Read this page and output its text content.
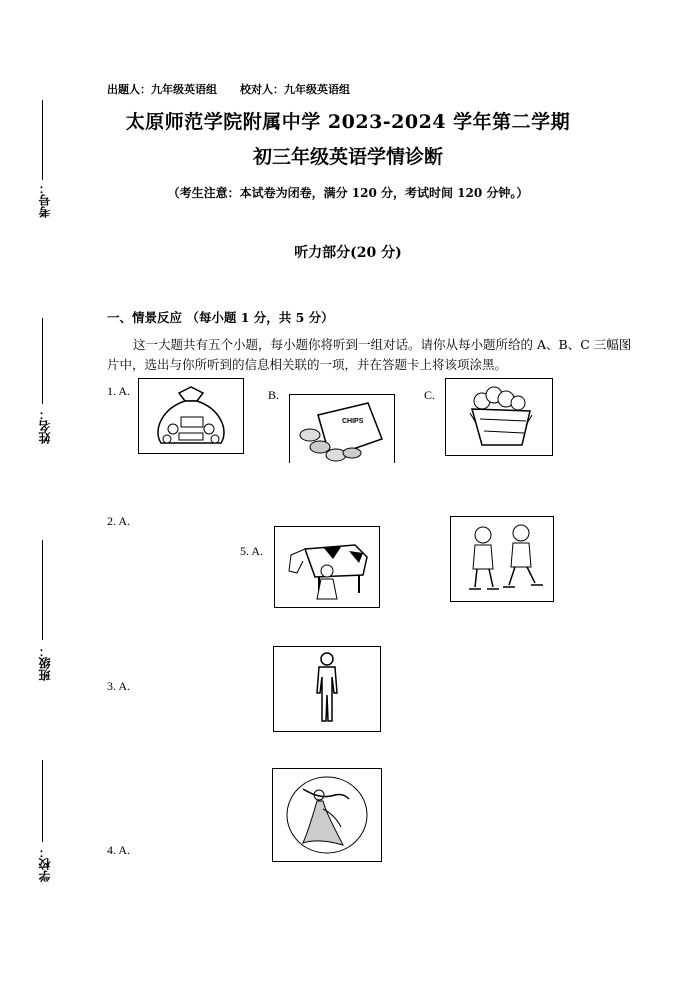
出题人：九年级英语组 校对人：九年级英语组
太原师范学院附属中学 2023-2024 学年第二学期
初三年级英语学情诊断
（考生注意：本试卷为闭卷，满分 120 分，考试时间 120 分钟。）
考号：
姓名：
班级：
学校：
听力部分(20 分)
一、情景反应 （每小题 1 分，共 5 分）
这一大题共有五个小题，每小题你将听到一组对话。请你从每小题所给的 A、B、C 三幅图片中，选出与你所听到的信息相关联的一项，并在答题卡上将该项涂黑。
1. A.	B.
CHIPS
C.
2. A.
5. A.
3. A.
4. A.
